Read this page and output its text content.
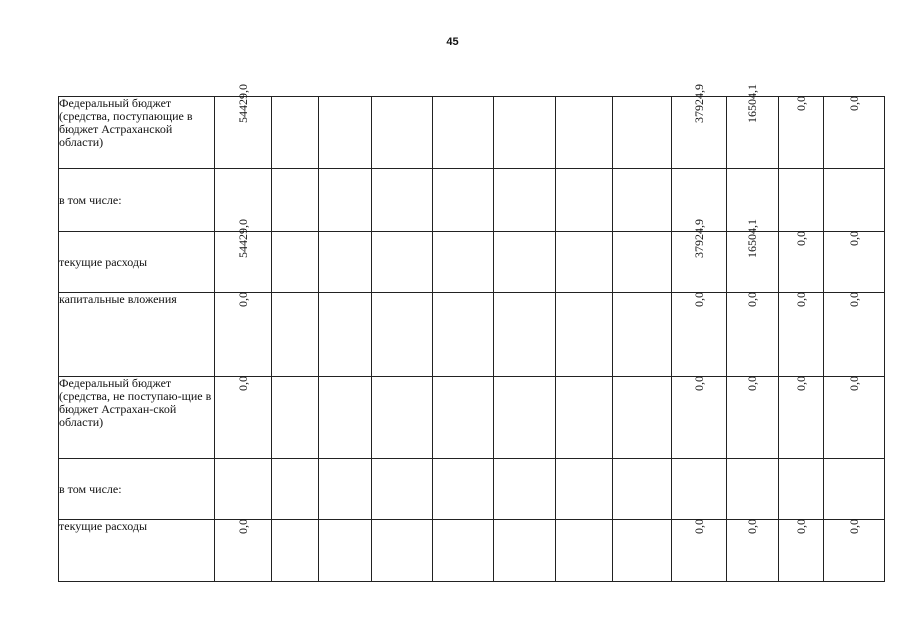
45
Федеральный бюджет (средства, поступающие в бюджет Астраханской области)	54429,0								37924,9	16504,1	0,0	0,0
в том числе:												
текущие расходы	54429,0								37924,9	16504,1	0,0	0,0
капитальные вложения	0,0								0,0	0,0	0,0	0,0
Федеральный бюджет (средства, не поступаю-щие в бюджет Астрахан-ской области)	0,0								0,0	0,0	0,0	0,0
в том числе:												
текущие расходы	0,0								0,0	0,0	0,0	0,0
